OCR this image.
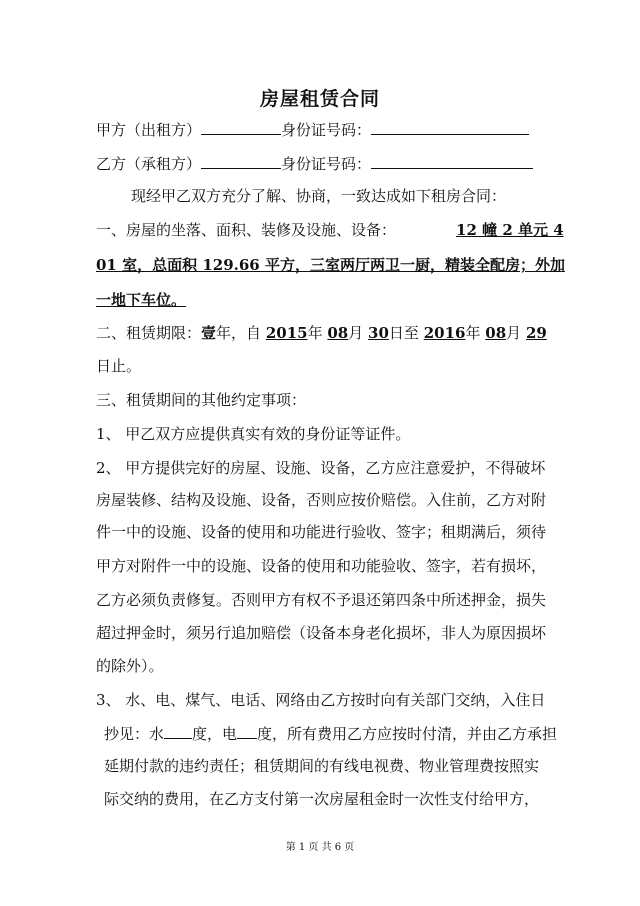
房屋租赁合同
甲方（出租方）	身份证号码：
乙方（承租方）	身份证号码：
现经甲乙双方充分了解、协商，一致达成如下租房合同：
一、房屋的坐落、面积、装修及设施、设备：	12 幢 2 单元 4
01 室，总面积 129.66 平方，三室两厅两卫一厨，精装全配房；外加
一地下车位。
二、租赁期限：壹年，自 2015年 08月 30日至 2016年 08月 29
日止。
三、租赁期间的其他约定事项：
1、 甲乙双方应提供真实有效的身份证等证件。
2、 甲方提供完好的房屋、设施、设备，乙方应注意爱护，不得破坏
房屋装修、结构及设施、设备，否则应按价赔偿。入住前，乙方对附
件一中的设施、设备的使用和功能进行验收、签字；租期满后，须待
甲方对附件一中的设施、设备的使用和功能验收、签字，若有损坏，
乙方必须负责修复。否则甲方有权不予退还第四条中所述押金，损失
超过押金时，须另行追加赔偿（设备本身老化损坏，非人为原因损坏
的除外）。
3、 水、电、煤气、电话、网络由乙方按时向有关部门交纳，入住日
抄见：水 度，电 度，所有费用乙方应按时付清，并由乙方承担
延期付款的违约责任；租赁期间的有线电视费、物业管理费按照实
际交纳的费用，在乙方支付第一次房屋租金时一次性支付给甲方，
第 1 页 共 6 页
